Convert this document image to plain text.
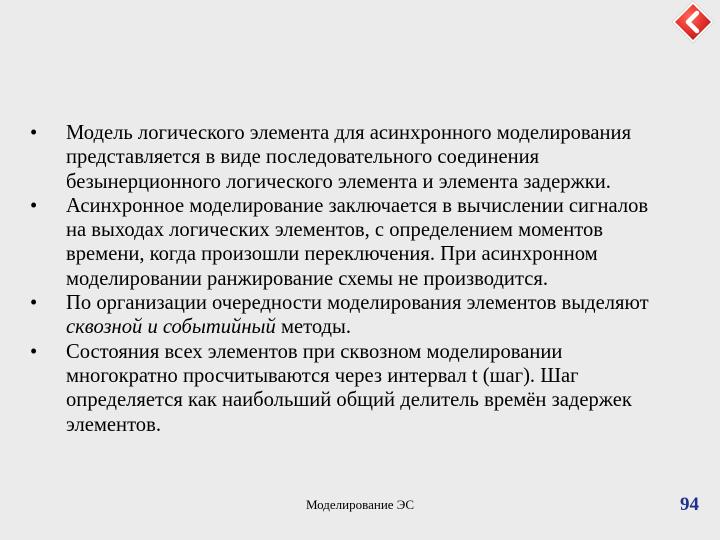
•	Модель логического элемента для асинхронного моделирования представляется в виде последовательного соединения безынерционного логического элемента и элемента задержки.
•	Асинхронное моделирование заключается в вычислении сигналов на выходах логических элементов, с определением моментов времени, когда произошли переключения. При асинхронном моделировании ранжирование схемы не производится.
•	По организации очередности моделирования элементов выделяют сквозной и событийный методы.
•	Состояния всех элементов при сквозном моделировании многократно просчитываются через интервал t (шаг). Шаг определяется как наибольший общий делитель времён задержек элементов.
Моделирование ЭС	94
